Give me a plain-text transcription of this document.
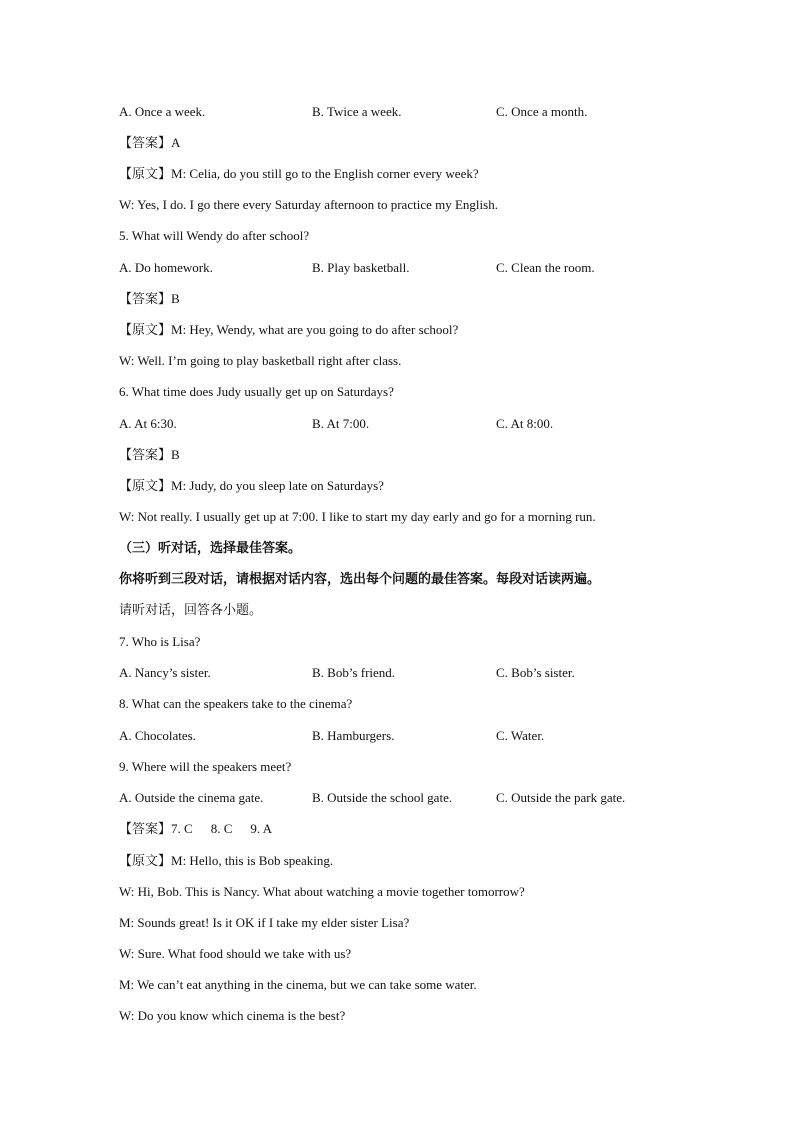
A. Once a week.	B. Twice a week.	C. Once a month.
【答案】A
【原文】M: Celia, do you still go to the English corner every week?
W: Yes, I do. I go there every Saturday afternoon to practice my English.
5. What will Wendy do after school?
A. Do homework.	B. Play basketball.	C. Clean the room.
【答案】B
【原文】M: Hey, Wendy, what are you going to do after school?
W: Well. I’m going to play basketball right after class.
6. What time does Judy usually get up on Saturdays?
A. At 6:30.	B. At 7:00.	C. At 8:00.
【答案】B
【原文】M: Judy, do you sleep late on Saturdays?
W: Not really. I usually get up at 7:00. I like to start my day early and go for a morning run.
（三）听对话，选择最佳答案。
你将听到三段对话，请根据对话内容，选出每个问题的最佳答案。每段对话读两遍。
请听对话，回答各小题。
7. Who is Lisa?
A. Nancy’s sister.	B. Bob’s friend.	C. Bob’s sister.
8. What can the speakers take to the cinema?
A. Chocolates.	B. Hamburgers.	C. Water.
9. Where will the speakers meet?
A. Outside the cinema gate.	B. Outside the school gate.	C. Outside the park gate.
【答案】7. C 8. C 9. A
【原文】M: Hello, this is Bob speaking.
W: Hi, Bob. This is Nancy. What about watching a movie together tomorrow?
M: Sounds great! Is it OK if I take my elder sister Lisa?
W: Sure. What food should we take with us?
M: We can’t eat anything in the cinema, but we can take some water.
W: Do you know which cinema is the best?
